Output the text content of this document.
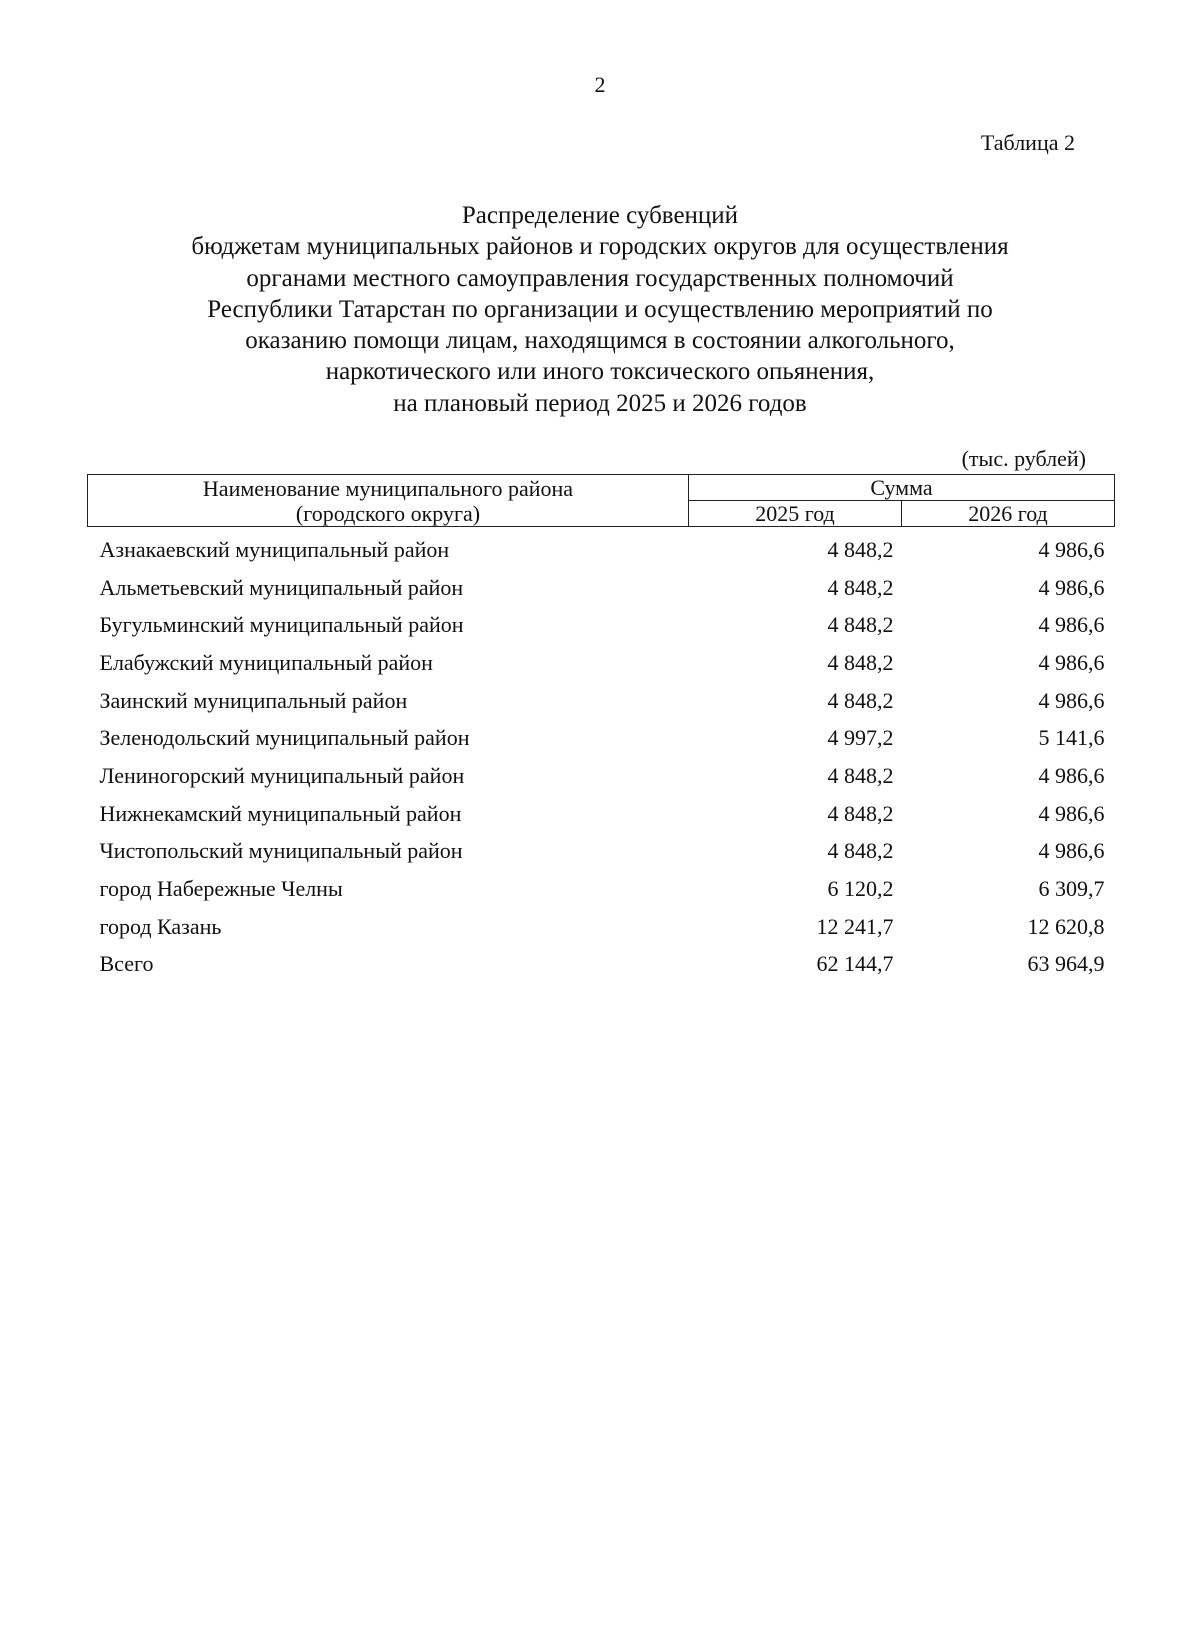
2
Таблица 2
Распределение субвенций
бюджетам муниципальных районов и городских округов для осуществления
органами местного самоуправления государственных полномочий
Республики Татарстан по организации и осуществлению мероприятий по
оказанию помощи лицам, находящимся в состоянии алкогольного,
наркотического или иного токсического опьянения,
на плановый период 2025 и 2026 годов
(тыс. рублей)
Наименование муниципального района
(городского округа)	Сумма	
	2025 год	2026 год
Азнакаевский муниципальный район	4 848,2	4 986,6
Альметьевский муниципальный район	4 848,2	4 986,6
Бугульминский муниципальный район	4 848,2	4 986,6
Елабужский муниципальный район	4 848,2	4 986,6
Заинский муниципальный район	4 848,2	4 986,6
Зеленодольский муниципальный район	4 997,2	5 141,6
Лениногорский муниципальный район	4 848,2	4 986,6
Нижнекамский муниципальный район	4 848,2	4 986,6
Чистопольский муниципальный район	4 848,2	4 986,6
город Набережные Челны	6 120,2	6 309,7
город Казань	12 241,7	12 620,8
Всего	62 144,7	63 964,9
